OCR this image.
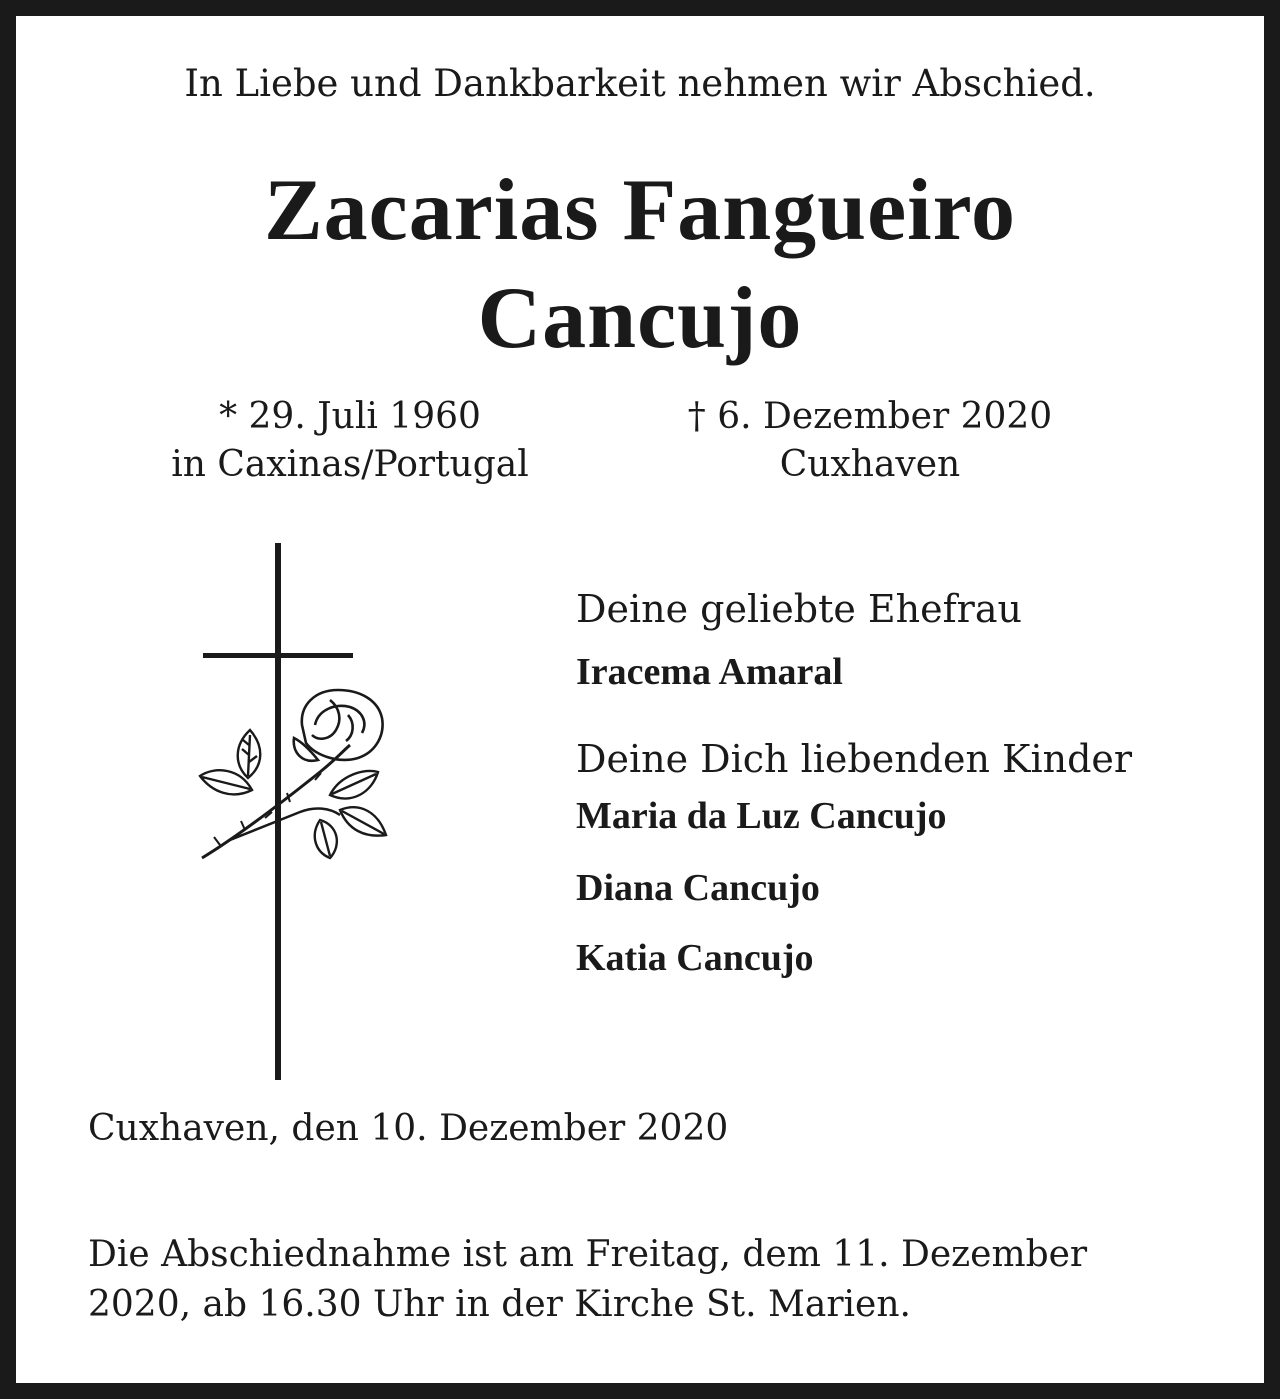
In Liebe und Dankbarkeit nehmen wir Abschied.
Zacarias Fangueiro
Cancujo
* 29. Juli 1960
in Caxinas/Portugal
† 6. Dezember 2020
Cuxhaven

Deine geliebte Ehefrau

Iracema Amaral

Deine Dich liebenden Kinder

Maria da Luz Cancujo

Diana Cancujo

Katia Cancujo

Cuxhaven, den 10. Dezember 2020
Die Abschiednahme ist am Freitag, dem 11. Dezember
2020, ab 16.30 Uhr in der Kirche St. Marien.
